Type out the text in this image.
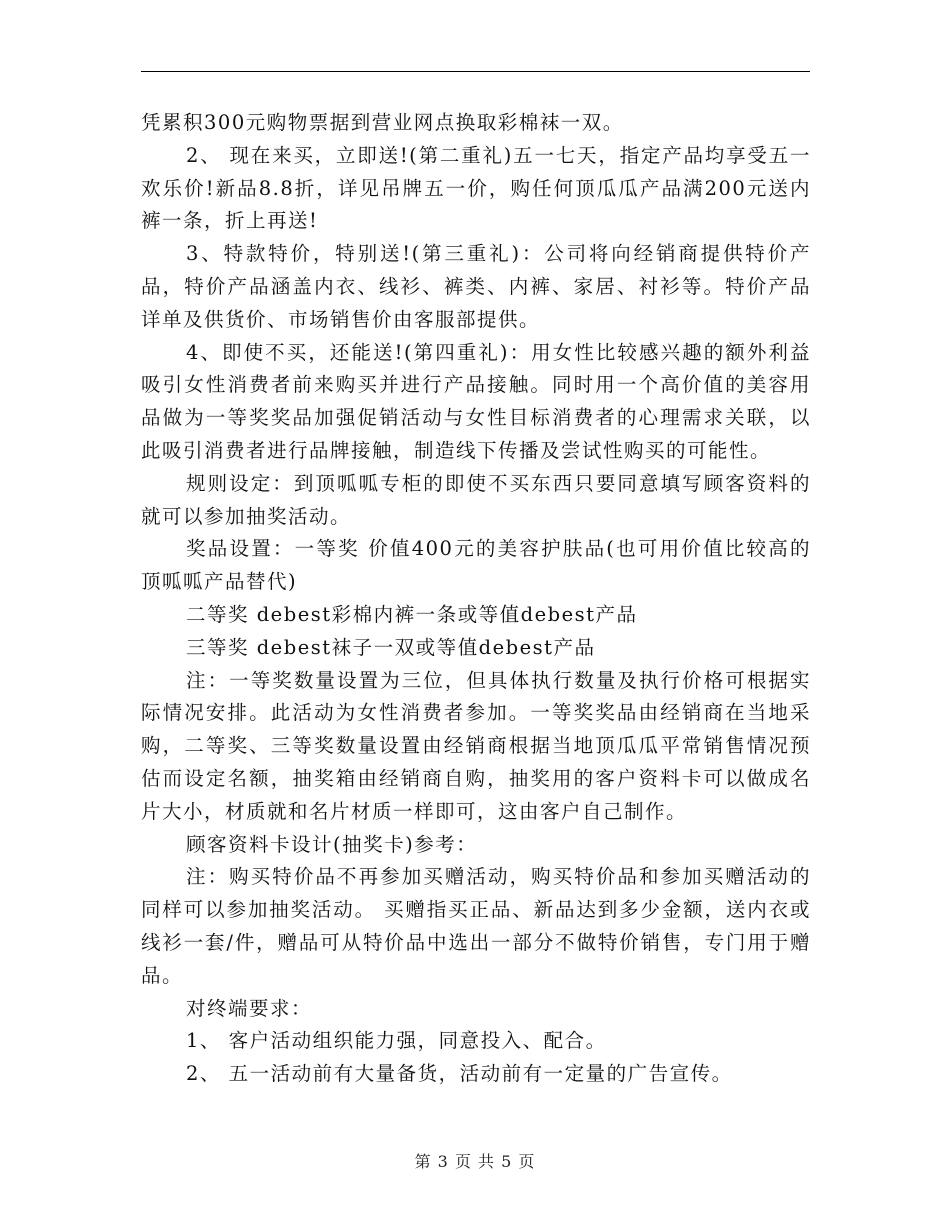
凭累积300元购物票据到营业网点换取彩棉袜一双。

2、 现在来买，立即送!(第二重礼)五一七天，指定产品均享受五一欢乐价!新品8.8折，详见吊牌五一价，购任何顶瓜瓜产品满200元送内裤一条，折上再送!

3、特款特价，特别送!(第三重礼)：公司将向经销商提供特价产品，特价产品涵盖内衣、线衫、裤类、内裤、家居、衬衫等。特价产品详单及供货价、市场销售价由客服部提供。

4、即使不买，还能送!(第四重礼)：用女性比较感兴趣的额外利益吸引女性消费者前来购买并进行产品接触。同时用一个高价值的美容用品做为一等奖奖品加强促销活动与女性目标消费者的心理需求关联，以此吸引消费者进行品牌接触，制造线下传播及尝试性购买的可能性。

规则设定：到顶呱呱专柜的即使不买东西只要同意填写顾客资料的就可以参加抽奖活动。

奖品设置：一等奖 价值400元的美容护肤品(也可用价值比较高的顶呱呱产品替代)

二等奖 debest彩棉内裤一条或等值debest产品

三等奖 debest袜子一双或等值debest产品

注：一等奖数量设置为三位，但具体执行数量及执行价格可根据实际情况安排。此活动为女性消费者参加。一等奖奖品由经销商在当地采购，二等奖、三等奖数量设置由经销商根据当地顶瓜瓜平常销售情况预估而设定名额，抽奖箱由经销商自购，抽奖用的客户资料卡可以做成名片大小，材质就和名片材质一样即可，这由客户自己制作。

顾客资料卡设计(抽奖卡)参考：

注：购买特价品不再参加买赠活动，购买特价品和参加买赠活动的同样可以参加抽奖活动。 买赠指买正品、新品达到多少金额，送内衣或线衫一套/件，赠品可从特价品中选出一部分不做特价销售，专门用于赠品。

对终端要求：

1、 客户活动组织能力强，同意投入、配合。

2、 五一活动前有大量备货，活动前有一定量的广告宣传。

第 3 页 共 5 页
